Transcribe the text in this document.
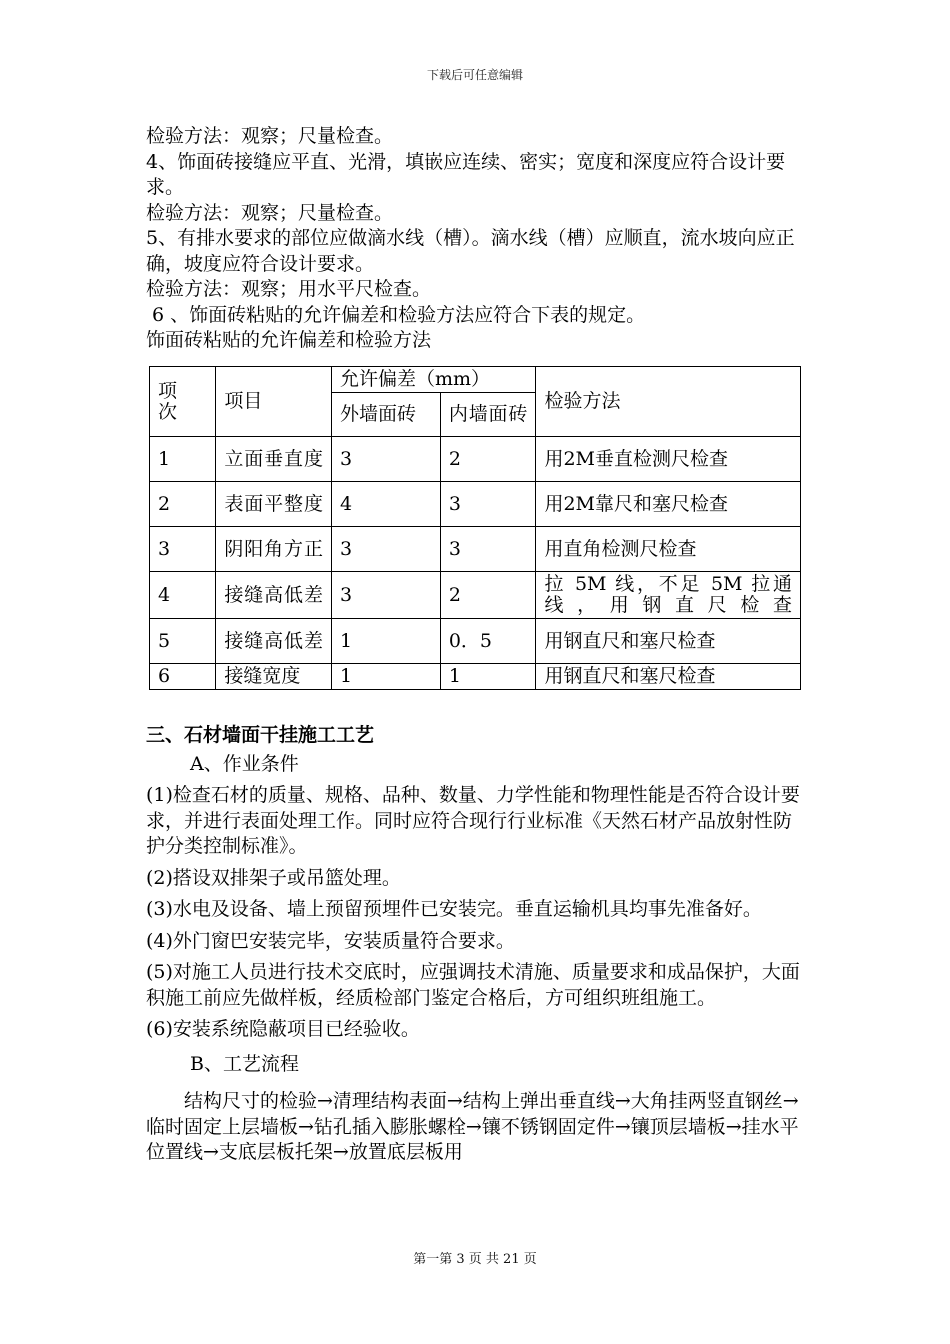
下载后可任意编辑

检验方法：观察；尺量检查。

4、饰面砖接缝应平直、光滑，填嵌应连续、密实；宽度和深度应符合设计要求。

检验方法：观察；尺量检查。

5、有排水要求的部位应做滴水线（槽）。滴水线（槽）应顺直，流水坡向应正确，坡度应符合设计要求。

检验方法：观察；用水平尺检查。

6 、饰面砖粘贴的允许偏差和检验方法应符合下表的规定。

饰面砖粘贴的允许偏差和检验方法

项次	项目	允许偏差（mm）		检验方法
		外墙面砖	内墙面砖	
1	立面垂直度	3	2	用2M垂直检测尺检查
2	表面平整度	4	3	用2M靠尺和塞尺检查
3	阴阳角方正	3	3	用直角检测尺检查
4	接缝高低差	3	2	拉 5M 线，不足 5M 拉通线，用钢直尺检查
5	接缝高低差	1	0．5	用钢直尺和塞尺检查
6	接缝宽度	1	1	用钢直尺和塞尺检查

三、石材墙面干挂施工工艺

A、作业条件

(1)检查石材的质量、规格、品种、数量、力学性能和物理性能是否符合设计要求，并进行表面处理工作。同时应符合现行行业标准《天然石材产品放射性防护分类控制标准》。

(2)搭设双排架子或吊篮处理。

(3)水电及设备、墙上预留预埋件已安装完。垂直运输机具均事先准备好。

(4)外门窗巴安装完毕，安装质量符合要求。

(5)对施工人员进行技术交底时，应强调技术清施、质量要求和成品保护，大面积施工前应先做样板，经质检部门鉴定合格后，方可组织班组施工。

(6)安装系统隐蔽项目已经验收。

B、工艺流程

结构尺寸的检验→清理结构表面→结构上弹出垂直线→大角挂两竖直钢丝→临时固定上层墙板→钻孔插入膨胀螺栓→镶不锈钢固定件→镶顶层墙板→挂水平位置线→支底层板托架→放置底层板用

第一第 3 页 共 21 页
